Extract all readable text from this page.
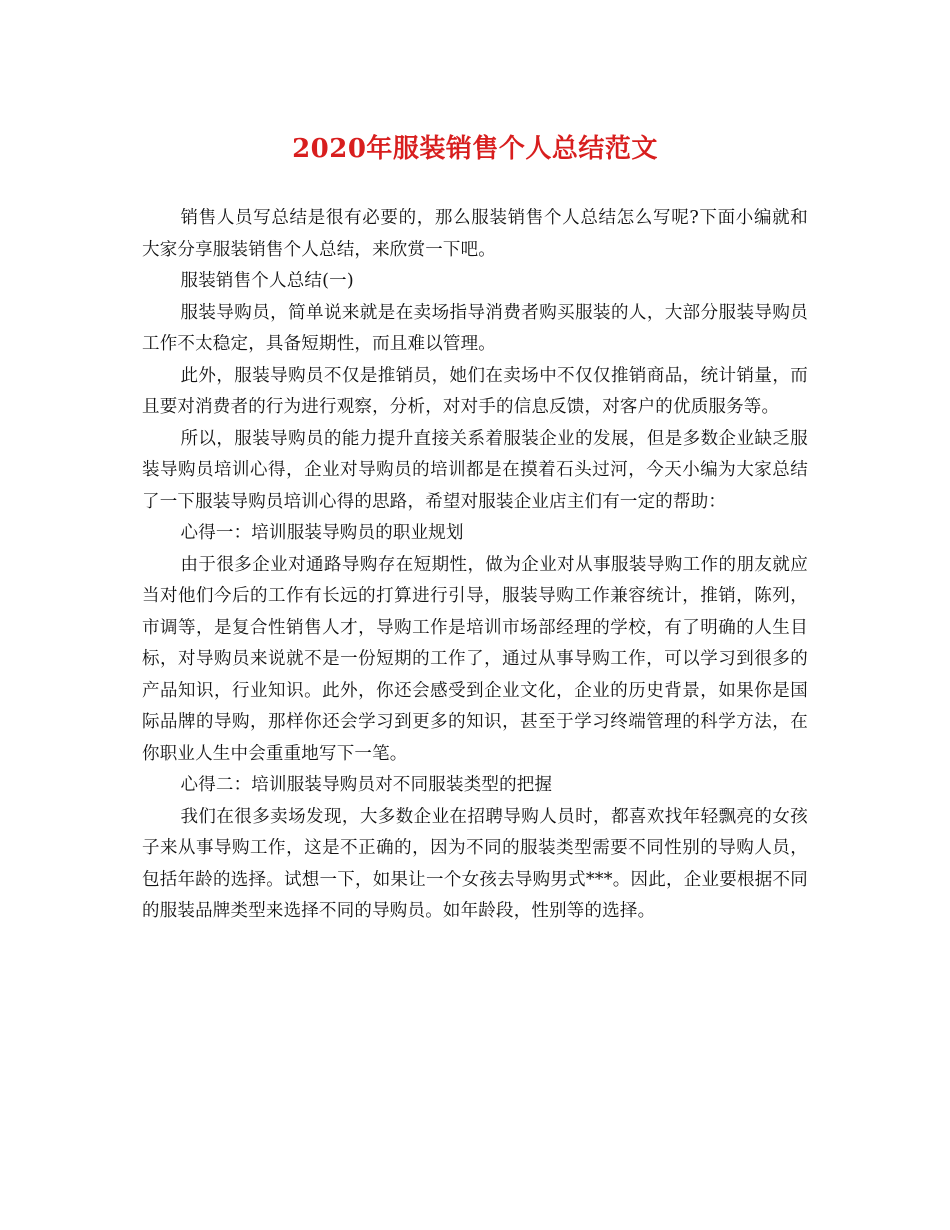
2020年服装销售个人总结范文

销售人员写总结是很有必要的，那么服装销售个人总结怎么写呢?下面小编就和大家分享服装销售个人总结，来欣赏一下吧。

服装销售个人总结(一)

服装导购员，简单说来就是在卖场指导消费者购买服装的人，大部分服装导购员工作不太稳定，具备短期性，而且难以管理。

此外，服装导购员不仅是推销员，她们在卖场中不仅仅推销商品，统计销量，而且要对消费者的行为进行观察，分析，对对手的信息反馈，对客户的优质服务等。

所以，服装导购员的能力提升直接关系着服装企业的发展，但是多数企业缺乏服装导购员培训心得，企业对导购员的培训都是在摸着石头过河，今天小编为大家总结了一下服装导购员培训心得的思路，希望对服装企业店主们有一定的帮助：

心得一：培训服装导购员的职业规划

由于很多企业对通路导购存在短期性，做为企业对从事服装导购工作的朋友就应当对他们今后的工作有长远的打算进行引导，服装导购工作兼容统计，推销，陈列，市调等，是复合性销售人才，导购工作是培训市场部经理的学校，有了明确的人生目标，对导购员来说就不是一份短期的工作了，通过从事导购工作，可以学习到很多的产品知识，行业知识。此外，你还会感受到企业文化，企业的历史背景，如果你是国际品牌的导购，那样你还会学习到更多的知识，甚至于学习终端管理的科学方法，在你职业人生中会重重地写下一笔。

心得二：培训服装导购员对不同服装类型的把握

我们在很多卖场发现，大多数企业在招聘导购人员时，都喜欢找年轻飘亮的女孩子来从事导购工作，这是不正确的，因为不同的服装类型需要不同性别的导购人员，包括年龄的选择。试想一下，如果让一个女孩去导购男式***。因此，企业要根据不同的服装品牌类型来选择不同的导购员。如年龄段，性别等的选择。
